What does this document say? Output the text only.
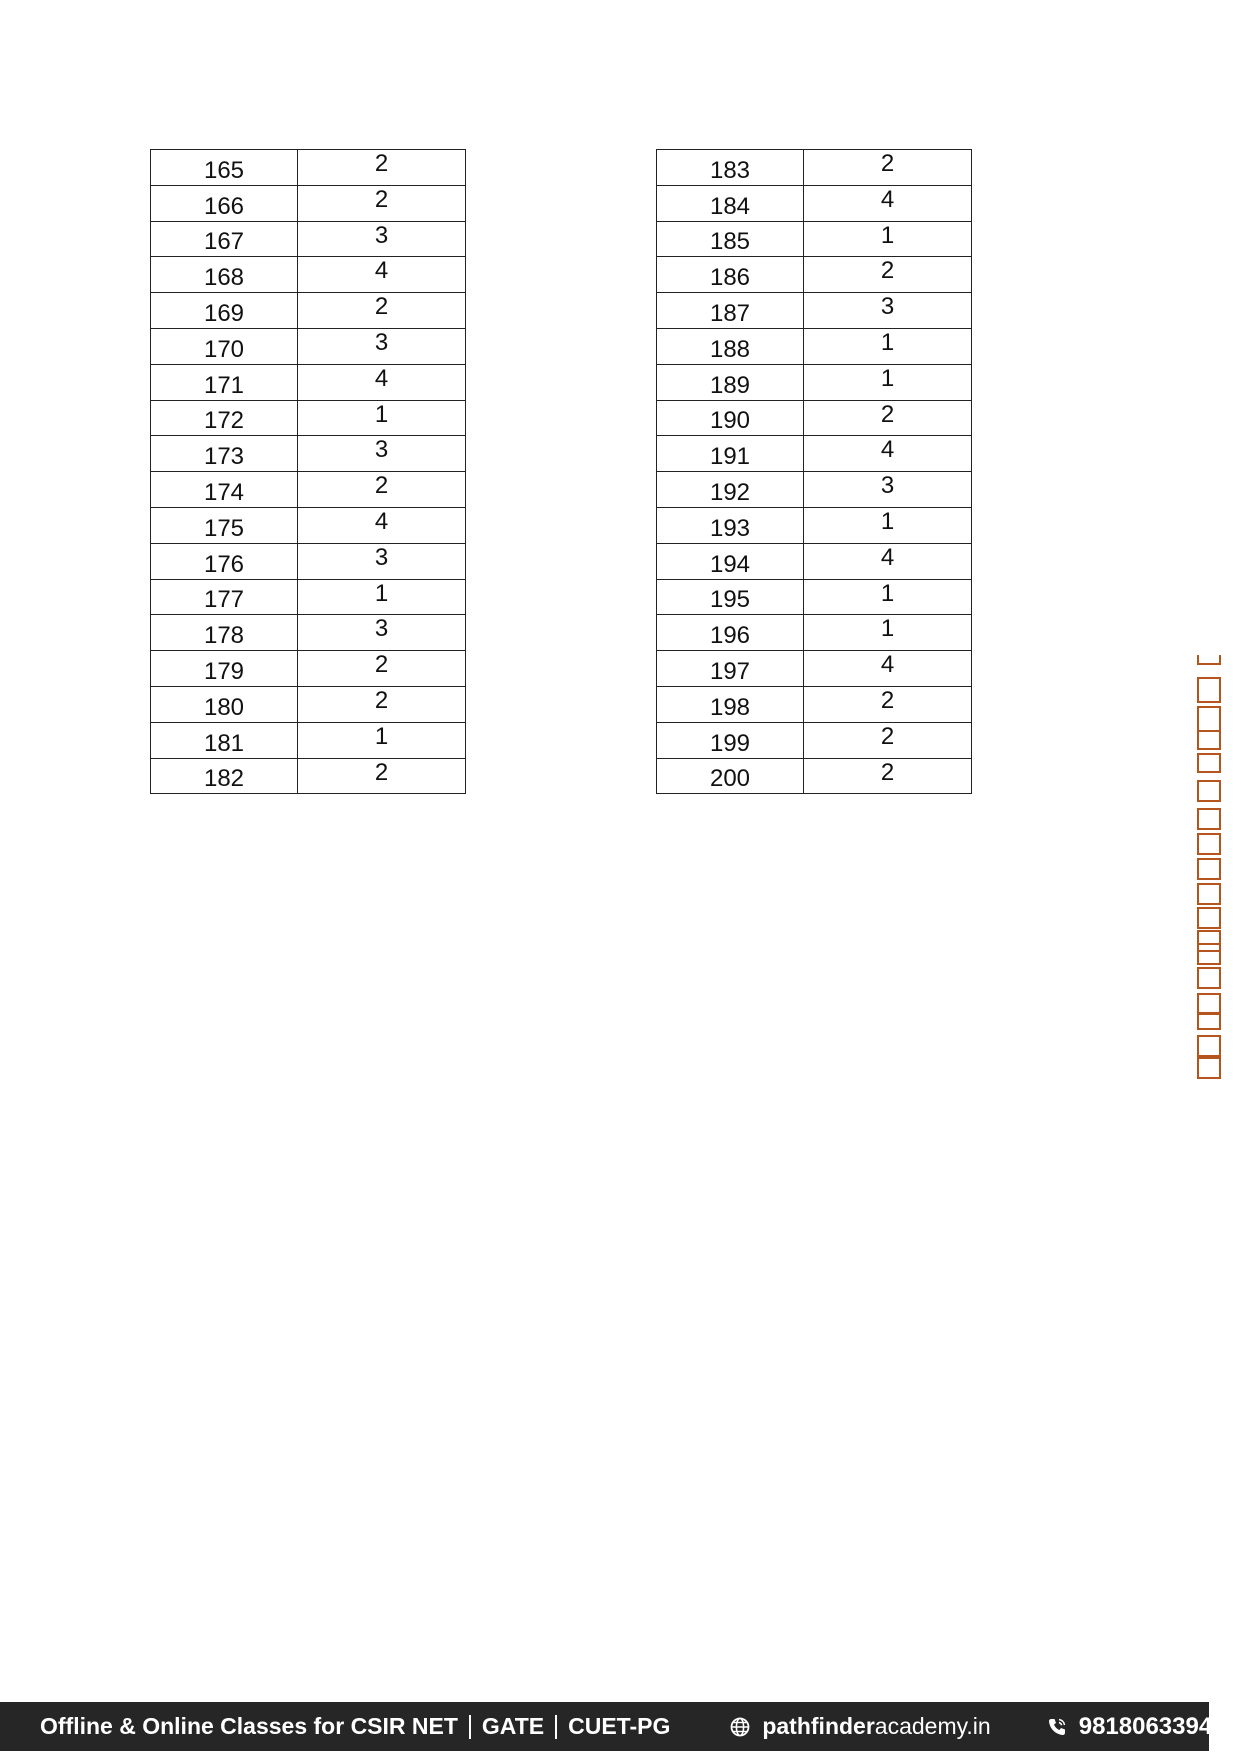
165	2
166	2
167	3
168	4
169	2
170	3
171	4
172	1
173	3
174	2
175	4
176	3
177	1
178	3
179	2
180	2
181	1
182	2
183	2
184	4
185	1
186	2
187	3
188	1
189	1
190	2
191	4
192	3
193	1
194	4
195	1
196	1
197	4
198	2
199	2
200	2
Offline & Online Classes for CSIR NET GATE CUET-PG	pathfinder academy.in	9818063394
